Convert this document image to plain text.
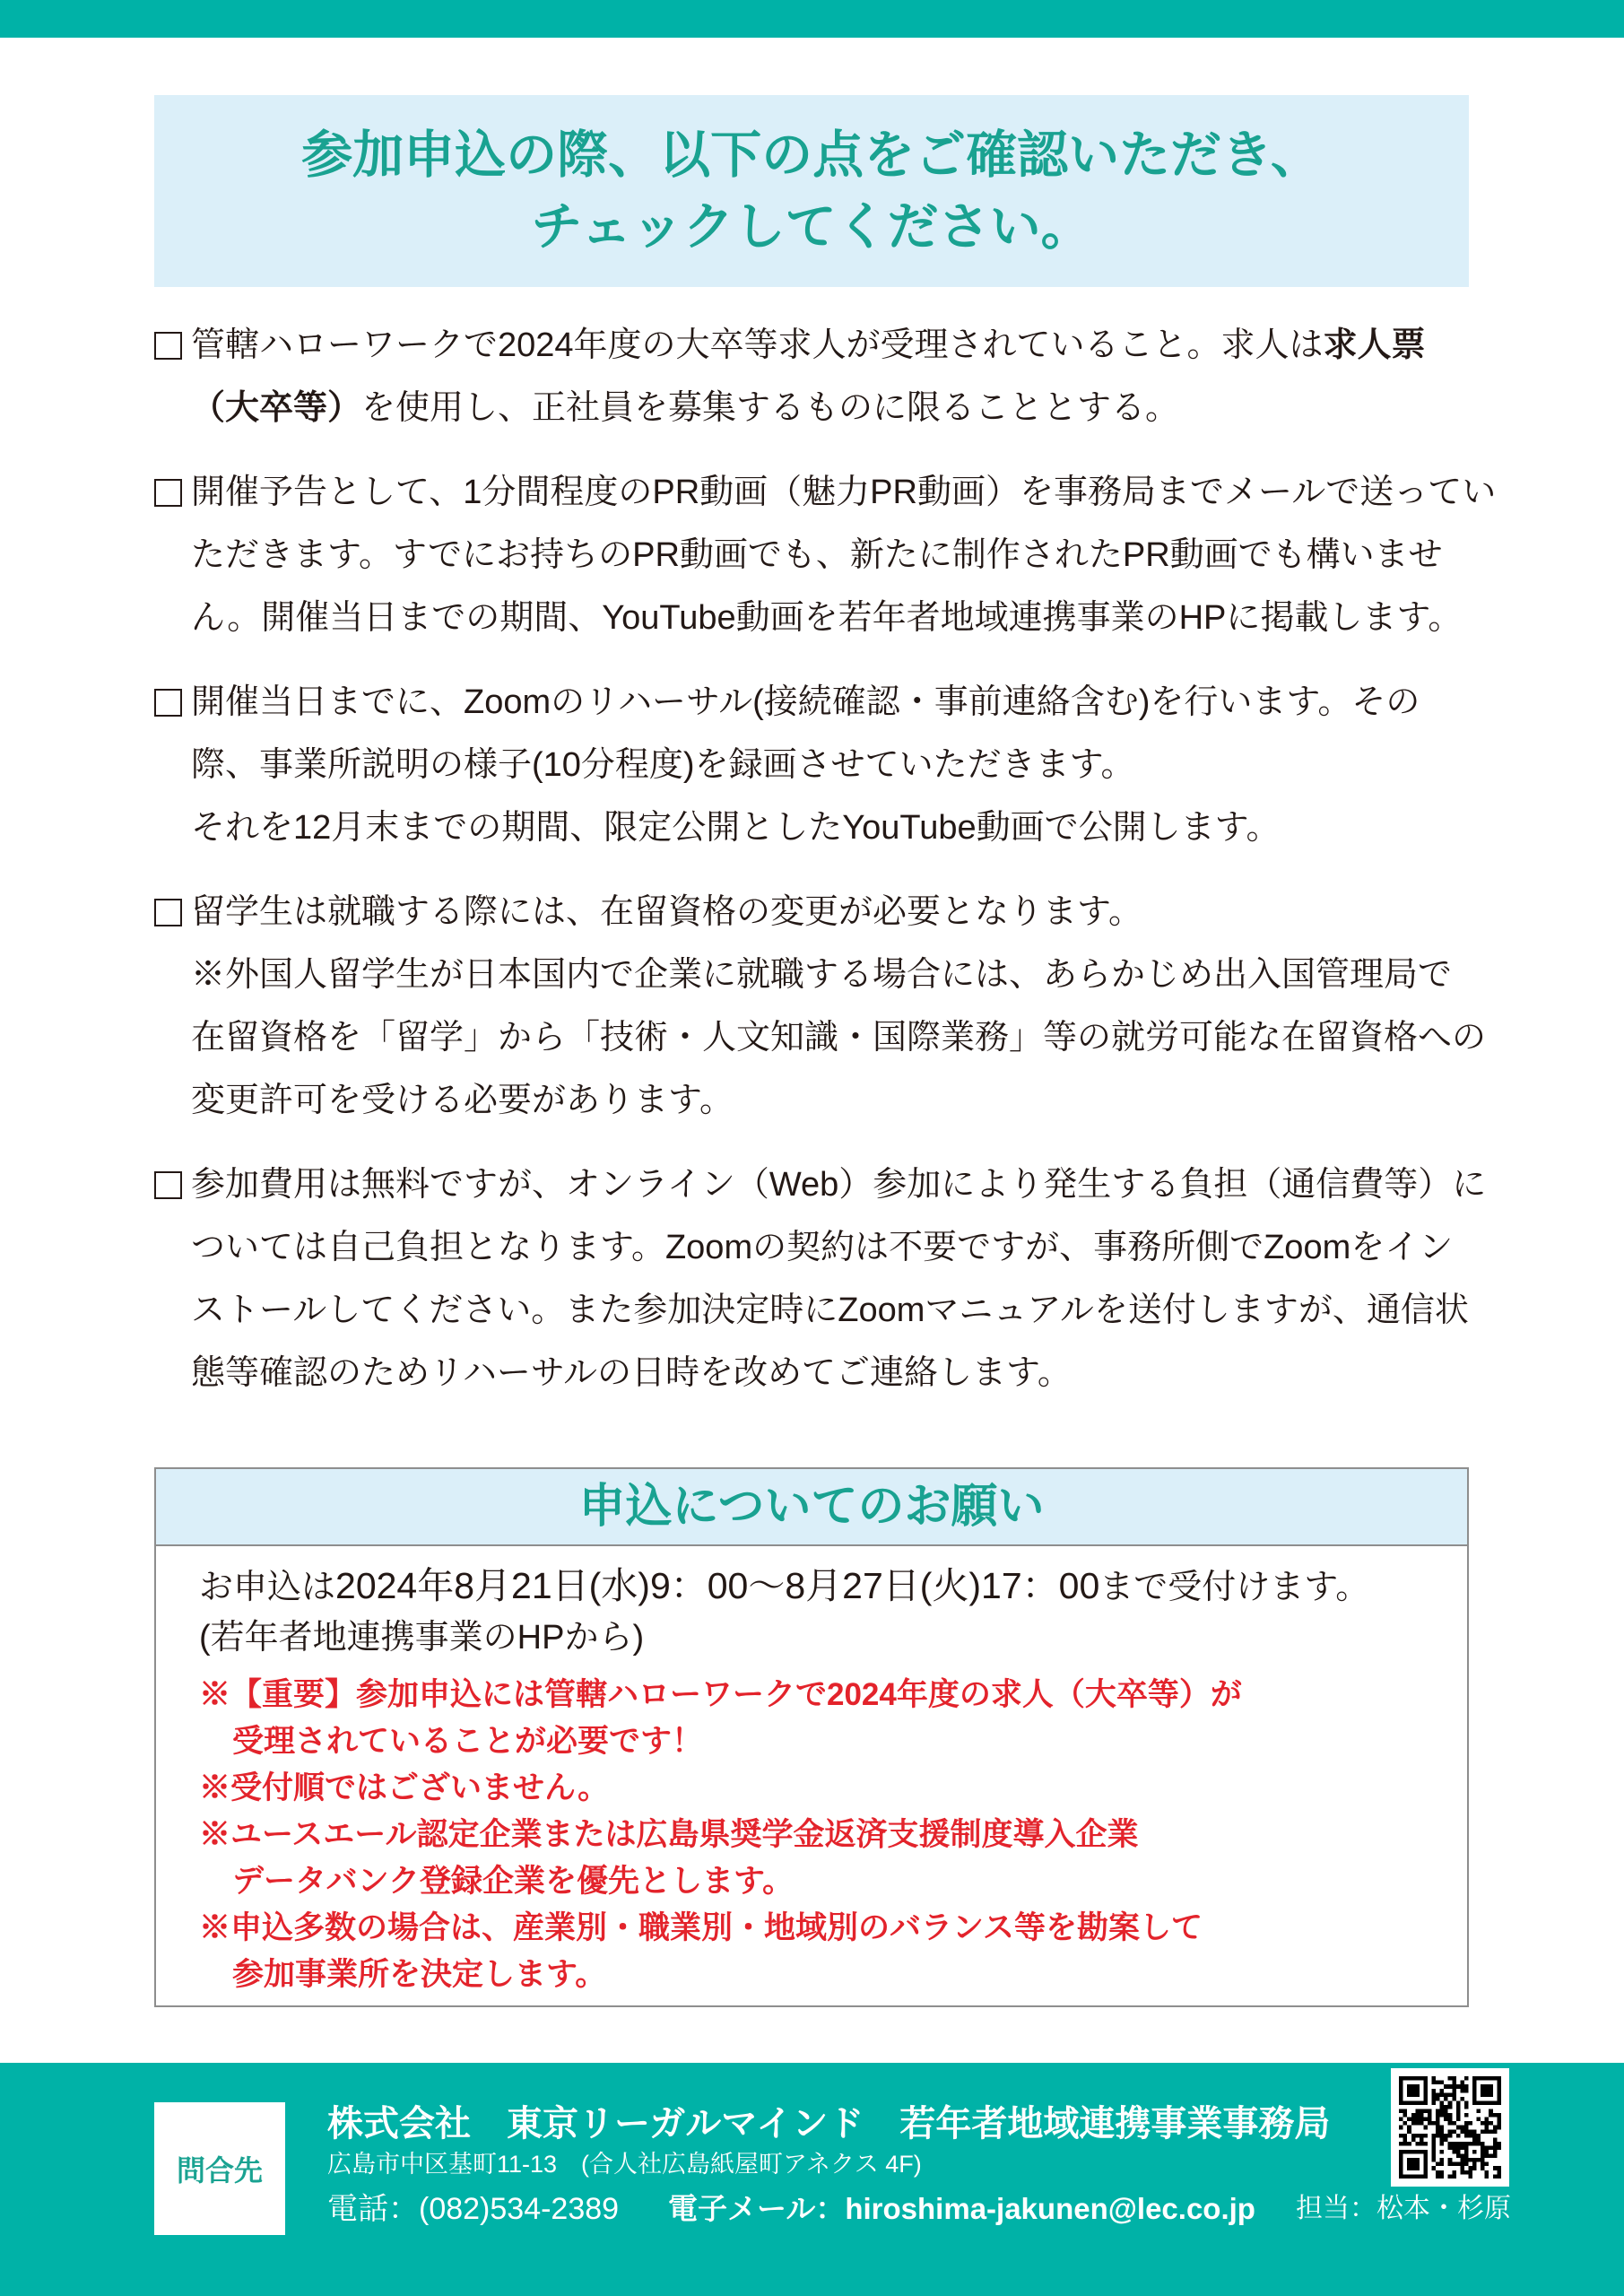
参加申込の際、以下の点をご確認いただき、
チェックしてください。
管轄ハローワークで2024年度の大卒等求人が受理されていること。求人は 求人票
（大卒等） を使用し、正社員を募集するものに限ることとする。
開催予告として、1分間程度のPR動画（魅力PR動画）を事務局までメールで送ってい
ただきます。すでにお持ちのPR動画でも、新たに制作されたPR動画でも構いませ
ん。開催当日までの期間、YouTube動画を若年者地域連携事業のHPに掲載します。
開催当日までに、Zoomのリハーサル(接続確認・事前連絡含む)を行います。その
際、事業所説明の様子(10分程度)を録画させていただきます。
それを12月末までの期間、限定公開としたYouTube動画で公開します。
留学生は就職する際には、在留資格の変更が必要となります。
※外国人留学生が日本国内で企業に就職する場合には、あらかじめ出入国管理局で
在留資格を「留学」から「技術・人文知識・国際業務」等の就労可能な在留資格への
変更許可を受ける必要があります。
参加費用は無料ですが、オンライン（Web）参加により発生する負担（通信費等）に
ついては自己負担となります。Zoomの契約は不要ですが、事務所側でZoomをイン
ストールしてください。また参加決定時にZoomマニュアルを送付しますが、通信状
態等確認のためリハーサルの日時を改めてご連絡します。
申込についてのお願い
お申込は 2024年8月21日(水)9：00〜8月27日(火)17：00 まで受付けます。
(若年者地連携事業のHPから)
※【重要】参加申込には管轄ハローワークで2024年度の求人（大卒等）が
受理されていることが必要です！
※受付順ではございません。
※ユースエール認定企業または広島県奨学金返済支援制度導入企業
データバンク登録企業を優先とします。
※申込多数の場合は、産業別・職業別・地域別のバランス等を勘案して
参加事業所を決定します。
問合先
株式会社　東京リーガルマインド　若年者地域連携事業事務局
広島市中区基町11-13　(合人社広島紙屋町アネクス 4F)
電話：(082)534-2389 電子メール：hiroshima-jakunen@lec.co.jp 担当：松本・杉原
